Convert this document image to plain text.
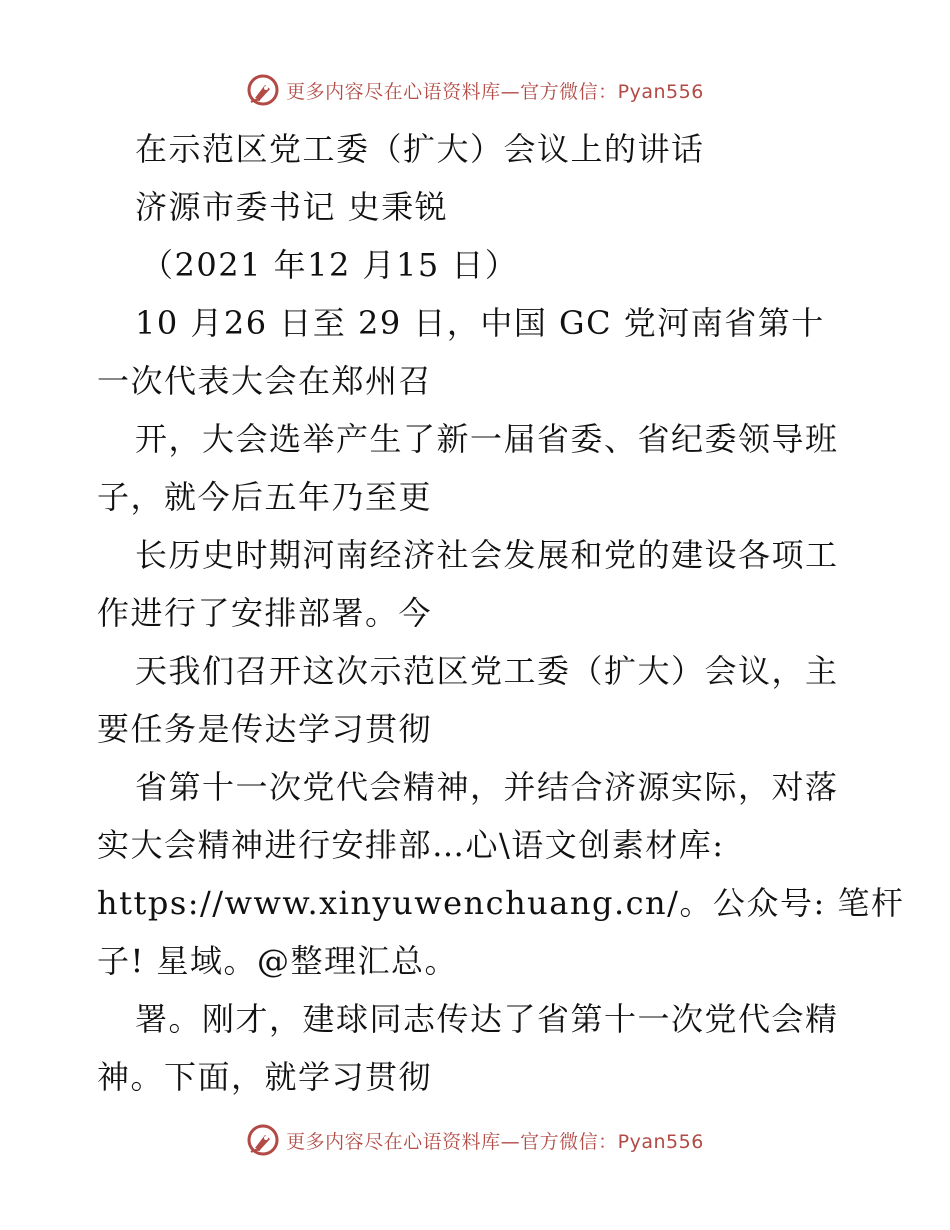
更多内容尽在心语资料库—官方微信：Pyan556
在示范区党工委（扩大）会议上的讲话
济源市委书记 史秉锐
（2021 年12 月15 日）
10 月26 日至 29 日，中国 GC 党河南省第十
一次代表大会在郑州召
开，大会选举产生了新一届省委、省纪委领导班
子，就今后五年乃至更
长历史时期河南经济社会发展和党的建设各项工
作进行了安排部署。今
天我们召开这次示范区党工委（扩大）会议，主
要任务是传达学习贯彻
省第十一次党代会精神，并结合济源实际，对落
实大会精神进行安排部…心\语文创素材库:
https://www.xinyuwenchuang.cn/。公众号: 笔杆
子! 星域。@整理汇总。
署。刚才，建球同志传达了省第十一次党代会精
神。下面，就学习贯彻
更多内容尽在心语资料库—官方微信：Pyan556
